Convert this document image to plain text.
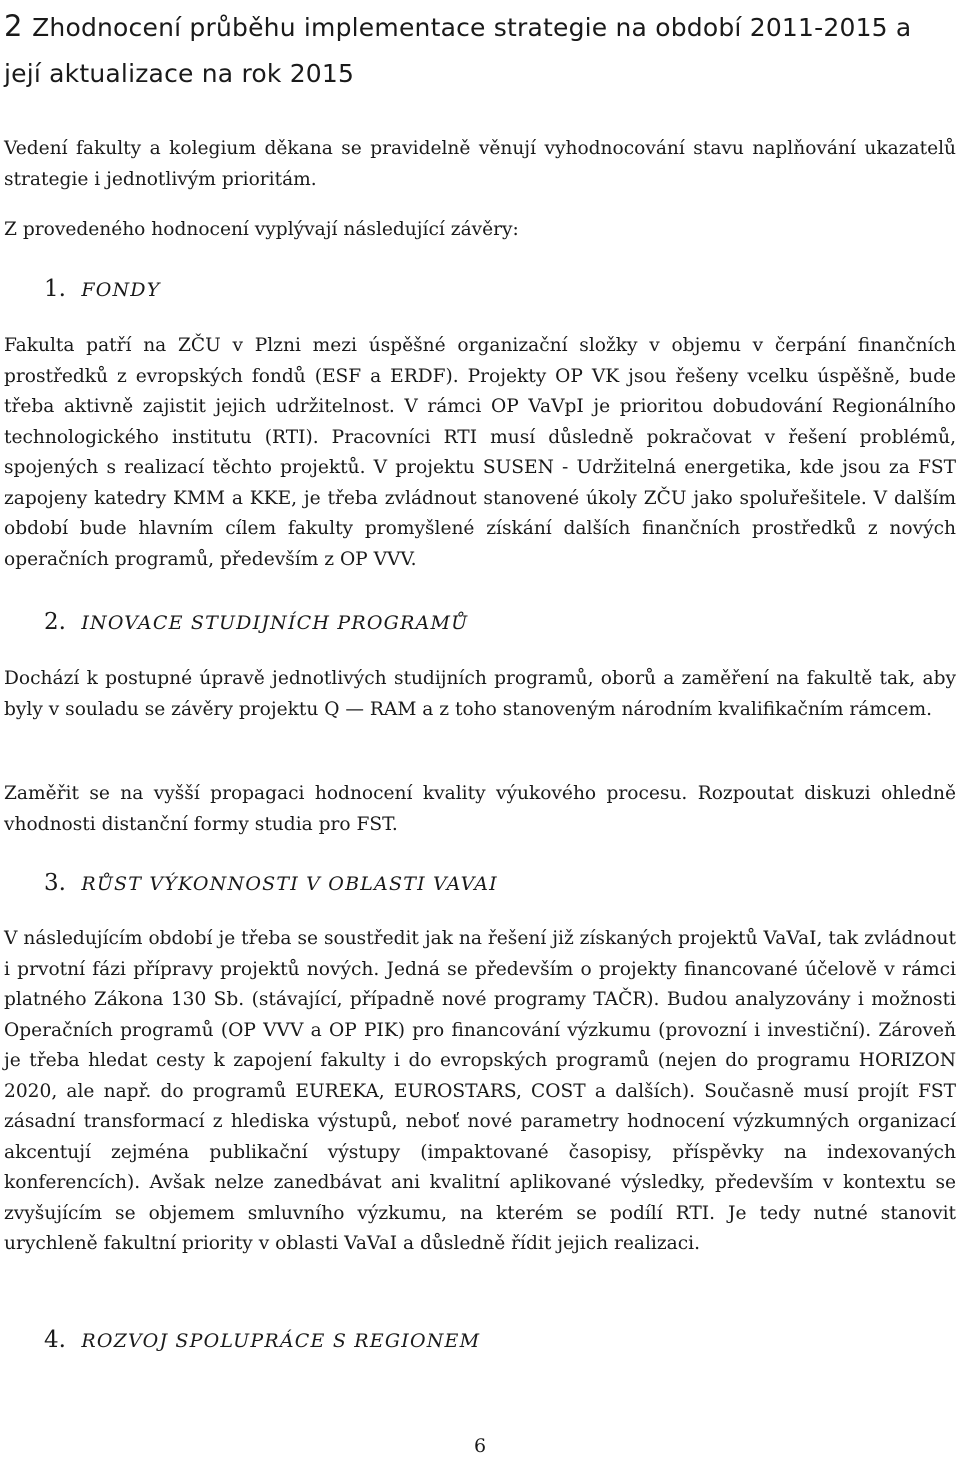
2 Zhodnocení průběhu implementace strategie na období 2011-2015 a její aktualizace na rok 2015

Vedení fakulty a kolegium děkana se pravidelně věnují vyhodnocování stavu naplňování ukazatelů strategie i jednotlivým prioritám.

Z provedeného hodnocení vyplývají následující závěry:

1. FONDY

Fakulta patří na ZČU v Plzni mezi úspěšné organizační složky v objemu v čerpání finančních prostředků z evropských fondů (ESF a ERDF). Projekty OP VK jsou řešeny vcelku úspěšně, bude třeba aktivně zajistit jejich udržitelnost. V rámci OP VaVpI je prioritou dobudování Regionálního technologického institutu (RTI). Pracovníci RTI musí důsledně pokračovat v řešení problémů, spojených s realizací těchto projektů. V projektu SUSEN - Udržitelná energetika, kde jsou za FST zapojeny katedry KMM a KKE, je třeba zvládnout stanovené úkoly ZČU jako spoluřešitele. V dalším období bude hlavním cílem fakulty promyšlené získání dalších finančních prostředků z nových operačních programů, především z OP VVV.

2. INOVACE STUDIJNÍCH PROGRAMŮ

Dochází k postupné úpravě jednotlivých studijních programů, oborů a zaměření na fakultě tak, aby byly v souladu se závěry projektu Q — RAM a z toho stanoveným národním kvalifikačním rámcem.

Zaměřit se na vyšší propagaci hodnocení kvality výukového procesu. Rozpoutat diskuzi ohledně vhodnosti distanční formy studia pro FST.

3. RŮST VÝKONNOSTI V OBLASTI VAVAI

V následujícím období je třeba se soustředit jak na řešení již získaných projektů VaVaI, tak zvládnout i prvotní fázi přípravy projektů nových. Jedná se především o projekty financované účelově v rámci platného Zákona 130 Sb. (stávající, případně nové programy TAČR). Budou analyzovány i možnosti Operačních programů (OP VVV a OP PIK) pro financování výzkumu (provozní i investiční). Zároveň je třeba hledat cesty k zapojení fakulty i do evropských programů (nejen do programu HORIZON 2020, ale např. do programů EUREKA, EUROSTARS, COST a dalších). Současně musí projít FST zásadní transformací z hlediska výstupů, neboť nové parametry hodnocení výzkumných organizací akcentují zejména publikační výstupy (impaktované časopisy, příspěvky na indexovaných konferencích). Avšak nelze zanedbávat ani kvalitní aplikované výsledky, především v kontextu se zvyšujícím se objemem smluvního výzkumu, na kterém se podílí RTI. Je tedy nutné stanovit urychleně fakultní priority v oblasti VaVaI a důsledně řídit jejich realizaci.

4. ROZVOJ SPOLUPRÁCE S REGIONEM
6
